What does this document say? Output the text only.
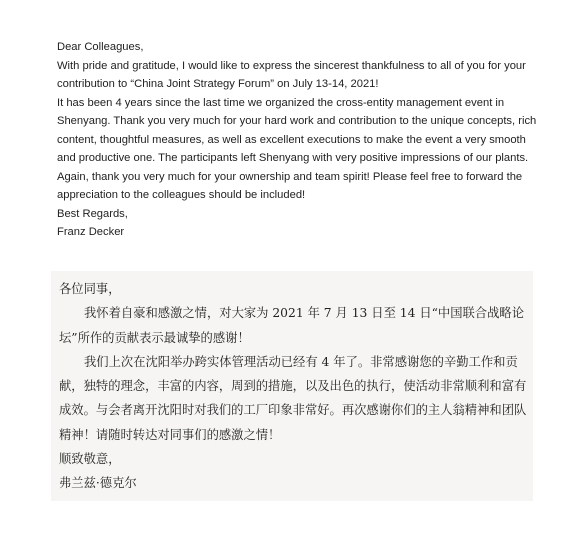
Dear Colleagues,

With pride and gratitude, I would like to express the sincerest thankfulness to all of you for your contribution to “China Joint Strategy Forum” on July 13-14, 2021!

It has been 4 years since the last time we organized the cross-entity management event in Shenyang. Thank you very much for your hard work and contribution to the unique concepts, rich content, thoughtful measures, as well as excellent executions to make the event a very smooth and productive one. The participants left Shenyang with very positive impressions of our plants.

Again, thank you very much for your ownership and team spirit! Please feel free to forward the appreciation to the colleagues should be included!

Best Regards,

Franz Decker

各位同事，

我怀着自豪和感激之情，对大家为 2021 年 7 月 13 日至 14 日“中国联合战略论坛”所作的贡献表示最诚挚的感谢！

我们上次在沈阳举办跨实体管理活动已经有 4 年了。非常感谢您的辛勤工作和贡献，独特的理念，丰富的内容，周到的措施，以及出色的执行，使活动非常顺利和富有成效。与会者离开沈阳时对我们的工厂印象非常好。再次感谢你们的主人翁精神和团队精神！请随时转达对同事们的感激之情！

顺致敬意，

弗兰兹·德克尔
